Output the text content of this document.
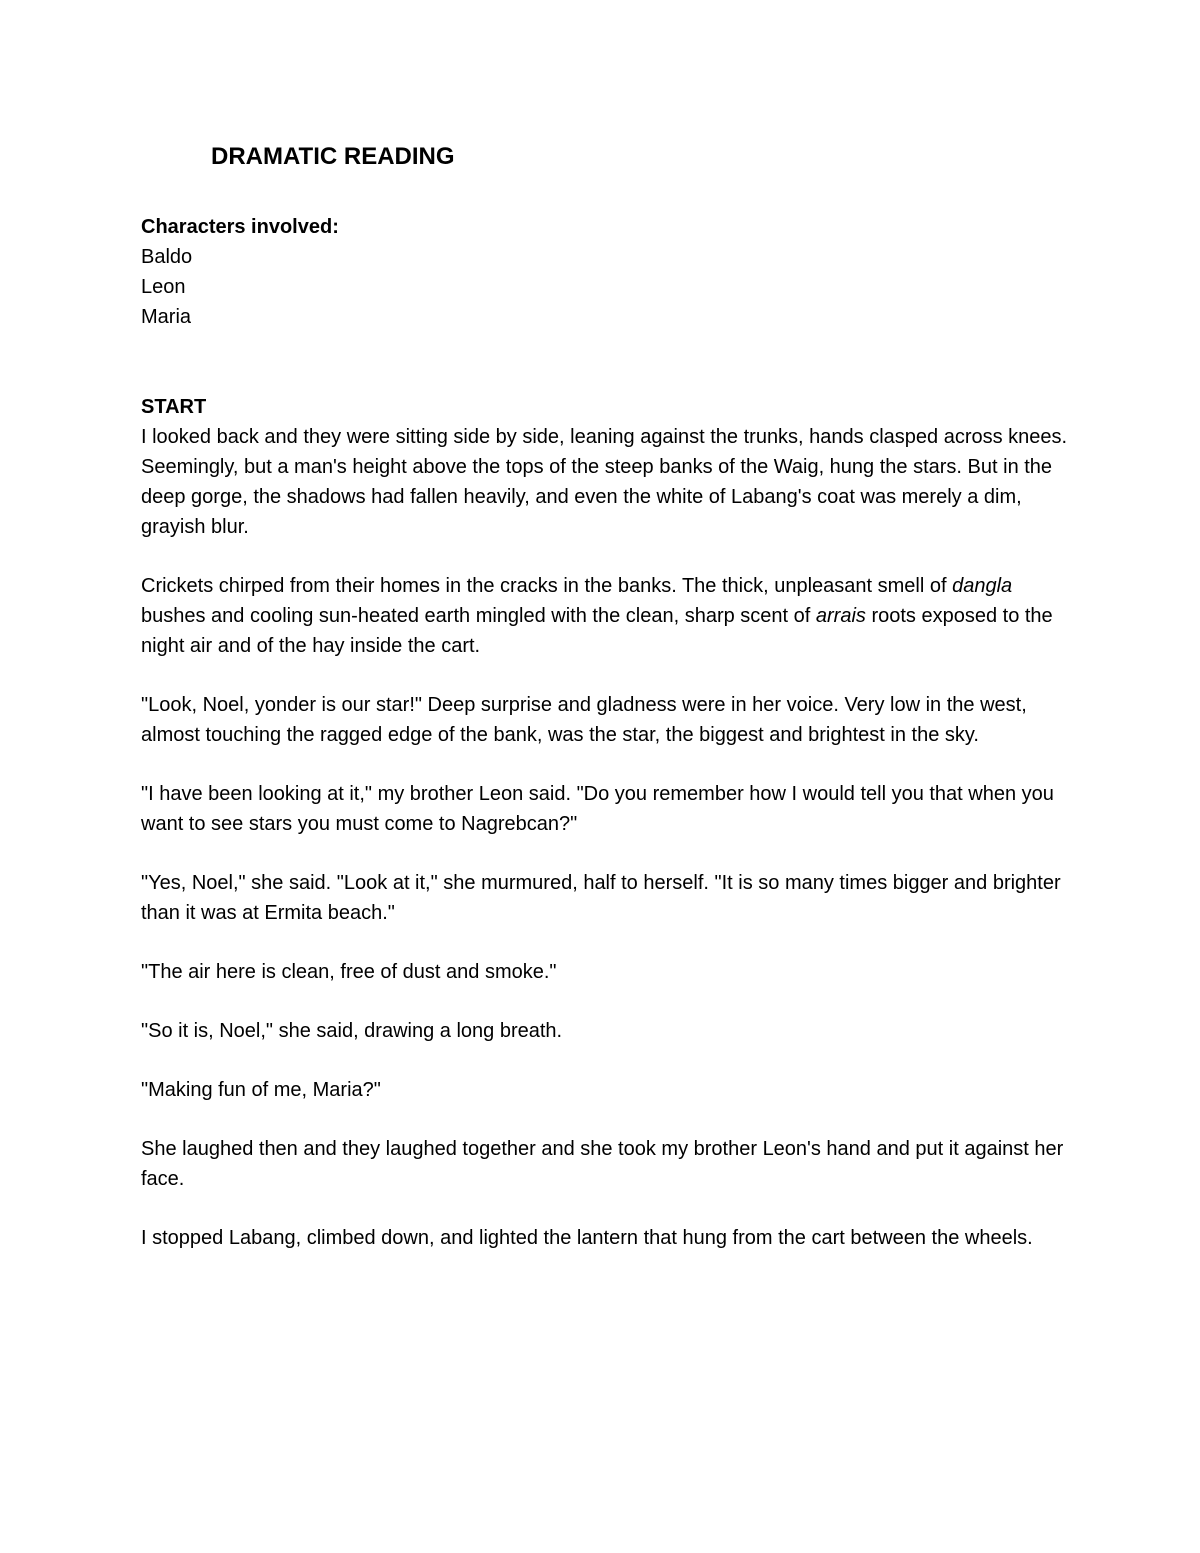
DRAMATIC READING

Characters involved:

Baldo

Leon

Maria

START

I looked back and they were sitting side by side, leaning against the trunks, hands clasped across knees. Seemingly, but a man's height above the tops of the steep banks of the Waig, hung the stars. But in the deep gorge, the shadows had fallen heavily, and even the white of Labang's coat was merely a dim, grayish blur.

Crickets chirped from their homes in the cracks in the banks. The thick, unpleasant smell of dangla bushes and cooling sun-heated earth mingled with the clean, sharp scent of arrais roots exposed to the night air and of the hay inside the cart.

"Look, Noel, yonder is our star!" Deep surprise and gladness were in her voice. Very low in the west, almost touching the ragged edge of the bank, was the star, the biggest and brightest in the sky.

"I have been looking at it," my brother Leon said. "Do you remember how I would tell you that when you want to see stars you must come to Nagrebcan?"

"Yes, Noel," she said. "Look at it," she murmured, half to herself. "It is so many times bigger and brighter than it was at Ermita beach."

"The air here is clean, free of dust and smoke."

"So it is, Noel," she said, drawing a long breath.

"Making fun of me, Maria?"

She laughed then and they laughed together and she took my brother Leon's hand and put it against her face.

I stopped Labang, climbed down, and lighted the lantern that hung from the cart between the wheels.
